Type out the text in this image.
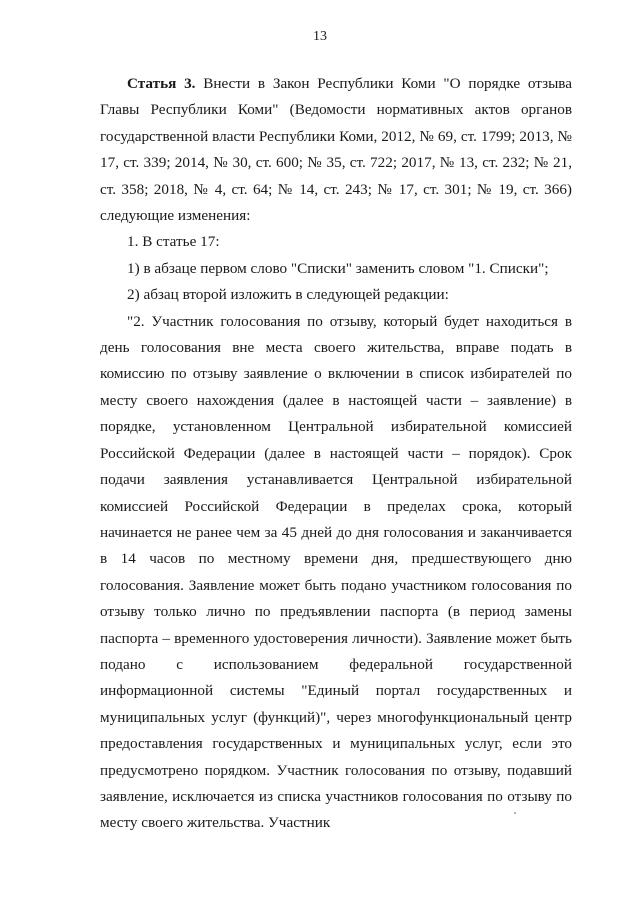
13

Статья 3. Внести в Закон Республики Коми "О порядке отзыва Главы Республики Коми" (Ведомости нормативных актов органов государственной власти Республики Коми, 2012, № 69, ст. 1799; 2013, № 17, ст. 339; 2014, № 30, ст. 600; № 35, ст. 722; 2017, № 13, ст. 232; № 21, ст. 358; 2018, № 4, ст. 64; № 14, ст. 243; № 17, ст. 301; № 19, ст. 366) следующие изменения:

1. В статье 17:

1) в абзаце первом слово "Списки" заменить словом "1. Списки";

2) абзац второй изложить в следующей редакции:

"2. Участник голосования по отзыву, который будет находиться в день голосования вне места своего жительства, вправе подать в комиссию по отзыву заявление о включении в список избирателей по месту своего нахождения (далее в настоящей части – заявление) в порядке, установленном Центральной избирательной комиссией Российской Федерации (далее в настоящей части – порядок). Срок подачи заявления устанавливается Центральной избирательной комиссией Российской Федерации в пределах срока, который начинается не ранее чем за 45 дней до дня голосования и заканчивается в 14 часов по местному времени дня, предшествующего дню голосования. Заявление может быть подано участником голосования по отзыву только лично по предъявлении паспорта (в период замены паспорта – временного удостоверения личности). Заявление может быть подано с использованием федеральной государственной информационной системы "Единый портал государственных и муниципальных услуг (функций)", через многофункциональный центр предоставления государственных и муниципальных услуг, если это предусмотрено порядком. Участник голосования по отзыву, подавший заявление, исключается из списка участников голосования по отзыву по месту своего жительства. Участник
